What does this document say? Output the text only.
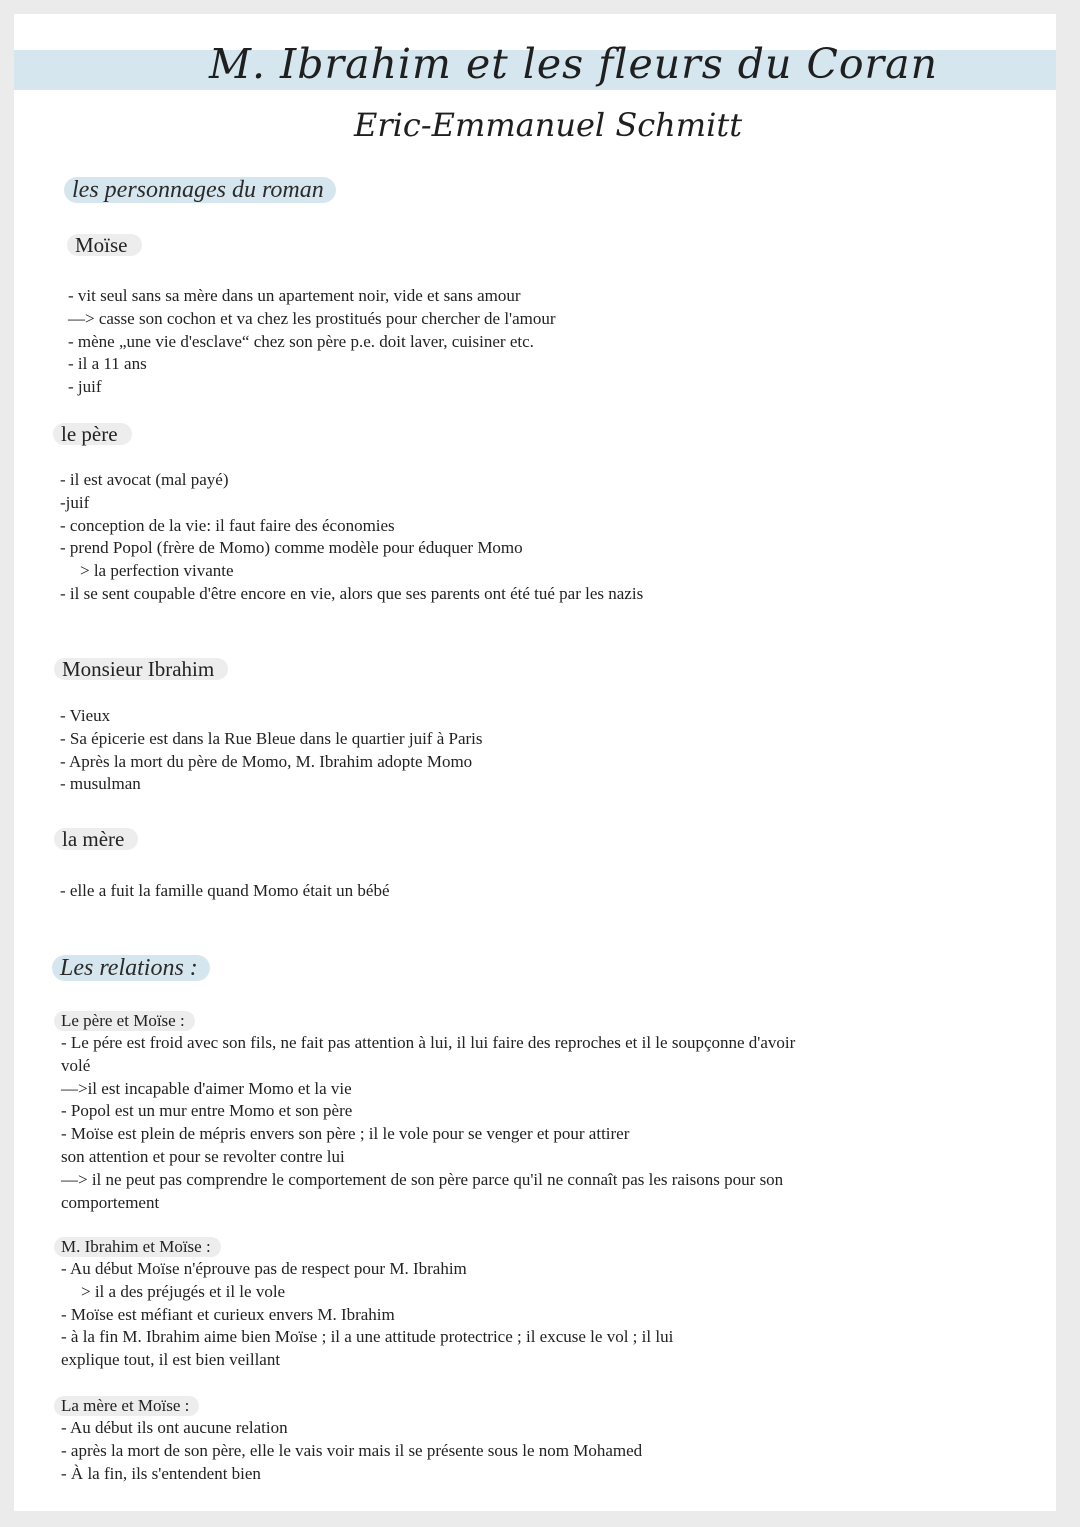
M. Ibrahim et les fleurs du Coran
Eric-Emmanuel Schmitt
les personnages du roman
Moïse
- vit seul sans sa mère dans un apartement noir, vide et sans amour
—> casse son cochon et va chez les prostitués pour chercher de l'amour
- mène „une vie d'esclave“ chez son père p.e. doit laver, cuisiner etc.
- il a 11 ans
- juif
le père
- il est avocat (mal payé)
-juif
- conception de la vie: il faut faire des économies
- prend Popol (frère de Momo) comme modèle pour éduquer Momo
> la perfection vivante
- il se sent coupable d'être encore en vie, alors que ses parents ont été tué par les nazis
Monsieur Ibrahim
- Vieux
- Sa épicerie est dans la Rue Bleue dans le quartier juif à Paris
- Après la mort du père de Momo, M. Ibrahim adopte Momo
- musulman
la mère
- elle a fuit la famille quand Momo était un bébé
Les relations :
Le père et Moïse :
- Le pére est froid avec son fils, ne fait pas attention à lui, il lui faire des reproches et il le soupçonne d'avoir
volé
—>il est incapable d'aimer Momo et la vie
- Popol est un mur entre Momo et son père
- Moïse est plein de mépris envers son père ; il le vole pour se venger et pour attirer
son attention et pour se revolter contre lui
—> il ne peut pas comprendre le comportement de son père parce qu'il ne connaît pas les raisons pour son
comportement
M. Ibrahim et Moïse :
- Au début Moïse n'éprouve pas de respect pour M. Ibrahim
> il a des préjugés et il le vole
- Moïse est méfiant et curieux envers M. Ibrahim
- à la fin M. Ibrahim aime bien Moïse ; il a une attitude protectrice ; il excuse le vol ; il lui
explique tout, il est bien veillant
La mère et Moïse :
- Au début ils ont aucune relation
- après la mort de son père, elle le vais voir mais il se présente sous le nom Mohamed
- À la fin, ils s'entendent bien
